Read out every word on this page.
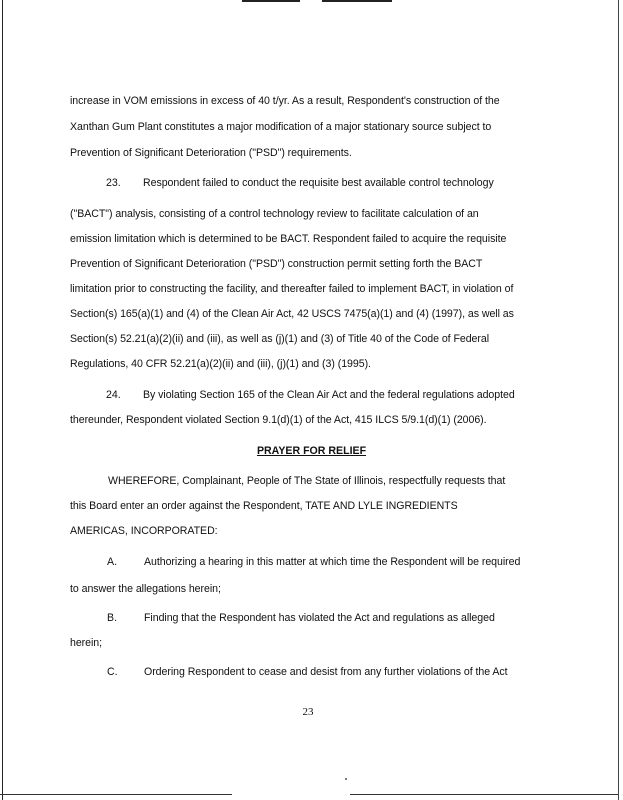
increase in VOM emissions in excess of 40 t/yr. As a result, Respondent's construction of the
Xanthan Gum Plant constitutes a major modification of a major stationary source subject to
Prevention of Significant Deterioration ("PSD") requirements.
23. Respondent failed to conduct the requisite best available control technology
("BACT") analysis, consisting of a control technology review to facilitate calculation of an
emission limitation which is determined to be BACT. Respondent failed to acquire the requisite
Prevention of Significant Deterioration ("PSD") construction permit setting forth the BACT
limitation prior to constructing the facility, and thereafter failed to implement BACT, in violation of
Section(s) 165(a)(1) and (4) of the Clean Air Act, 42 USCS 7475(a)(1) and (4) (1997), as well as
Section(s) 52.21(a)(2)(ii) and (iii), as well as (j)(1) and (3) of Title 40 of the Code of Federal
Regulations, 40 CFR 52.21(a)(2)(ii) and (iii), (j)(1) and (3) (1995).
24. By violating Section 165 of the Clean Air Act and the federal regulations adopted
thereunder, Respondent violated Section 9.1(d)(1) of the Act, 415 ILCS 5/9.1(d)(1) (2006).
PRAYER FOR RELIEF
WHEREFORE, Complainant, People of The State of Illinois, respectfully requests that
this Board enter an order against the Respondent, TATE AND LYLE INGREDIENTS
AMERICAS, INCORPORATED:
A.	Authorizing a hearing in this matter at which time the Respondent will be required
to answer the allegations herein;
B.	Finding that the Respondent has violated the Act and regulations as alleged
herein;
C. Ordering Respondent to cease and desist from any further violations of the Act
23
